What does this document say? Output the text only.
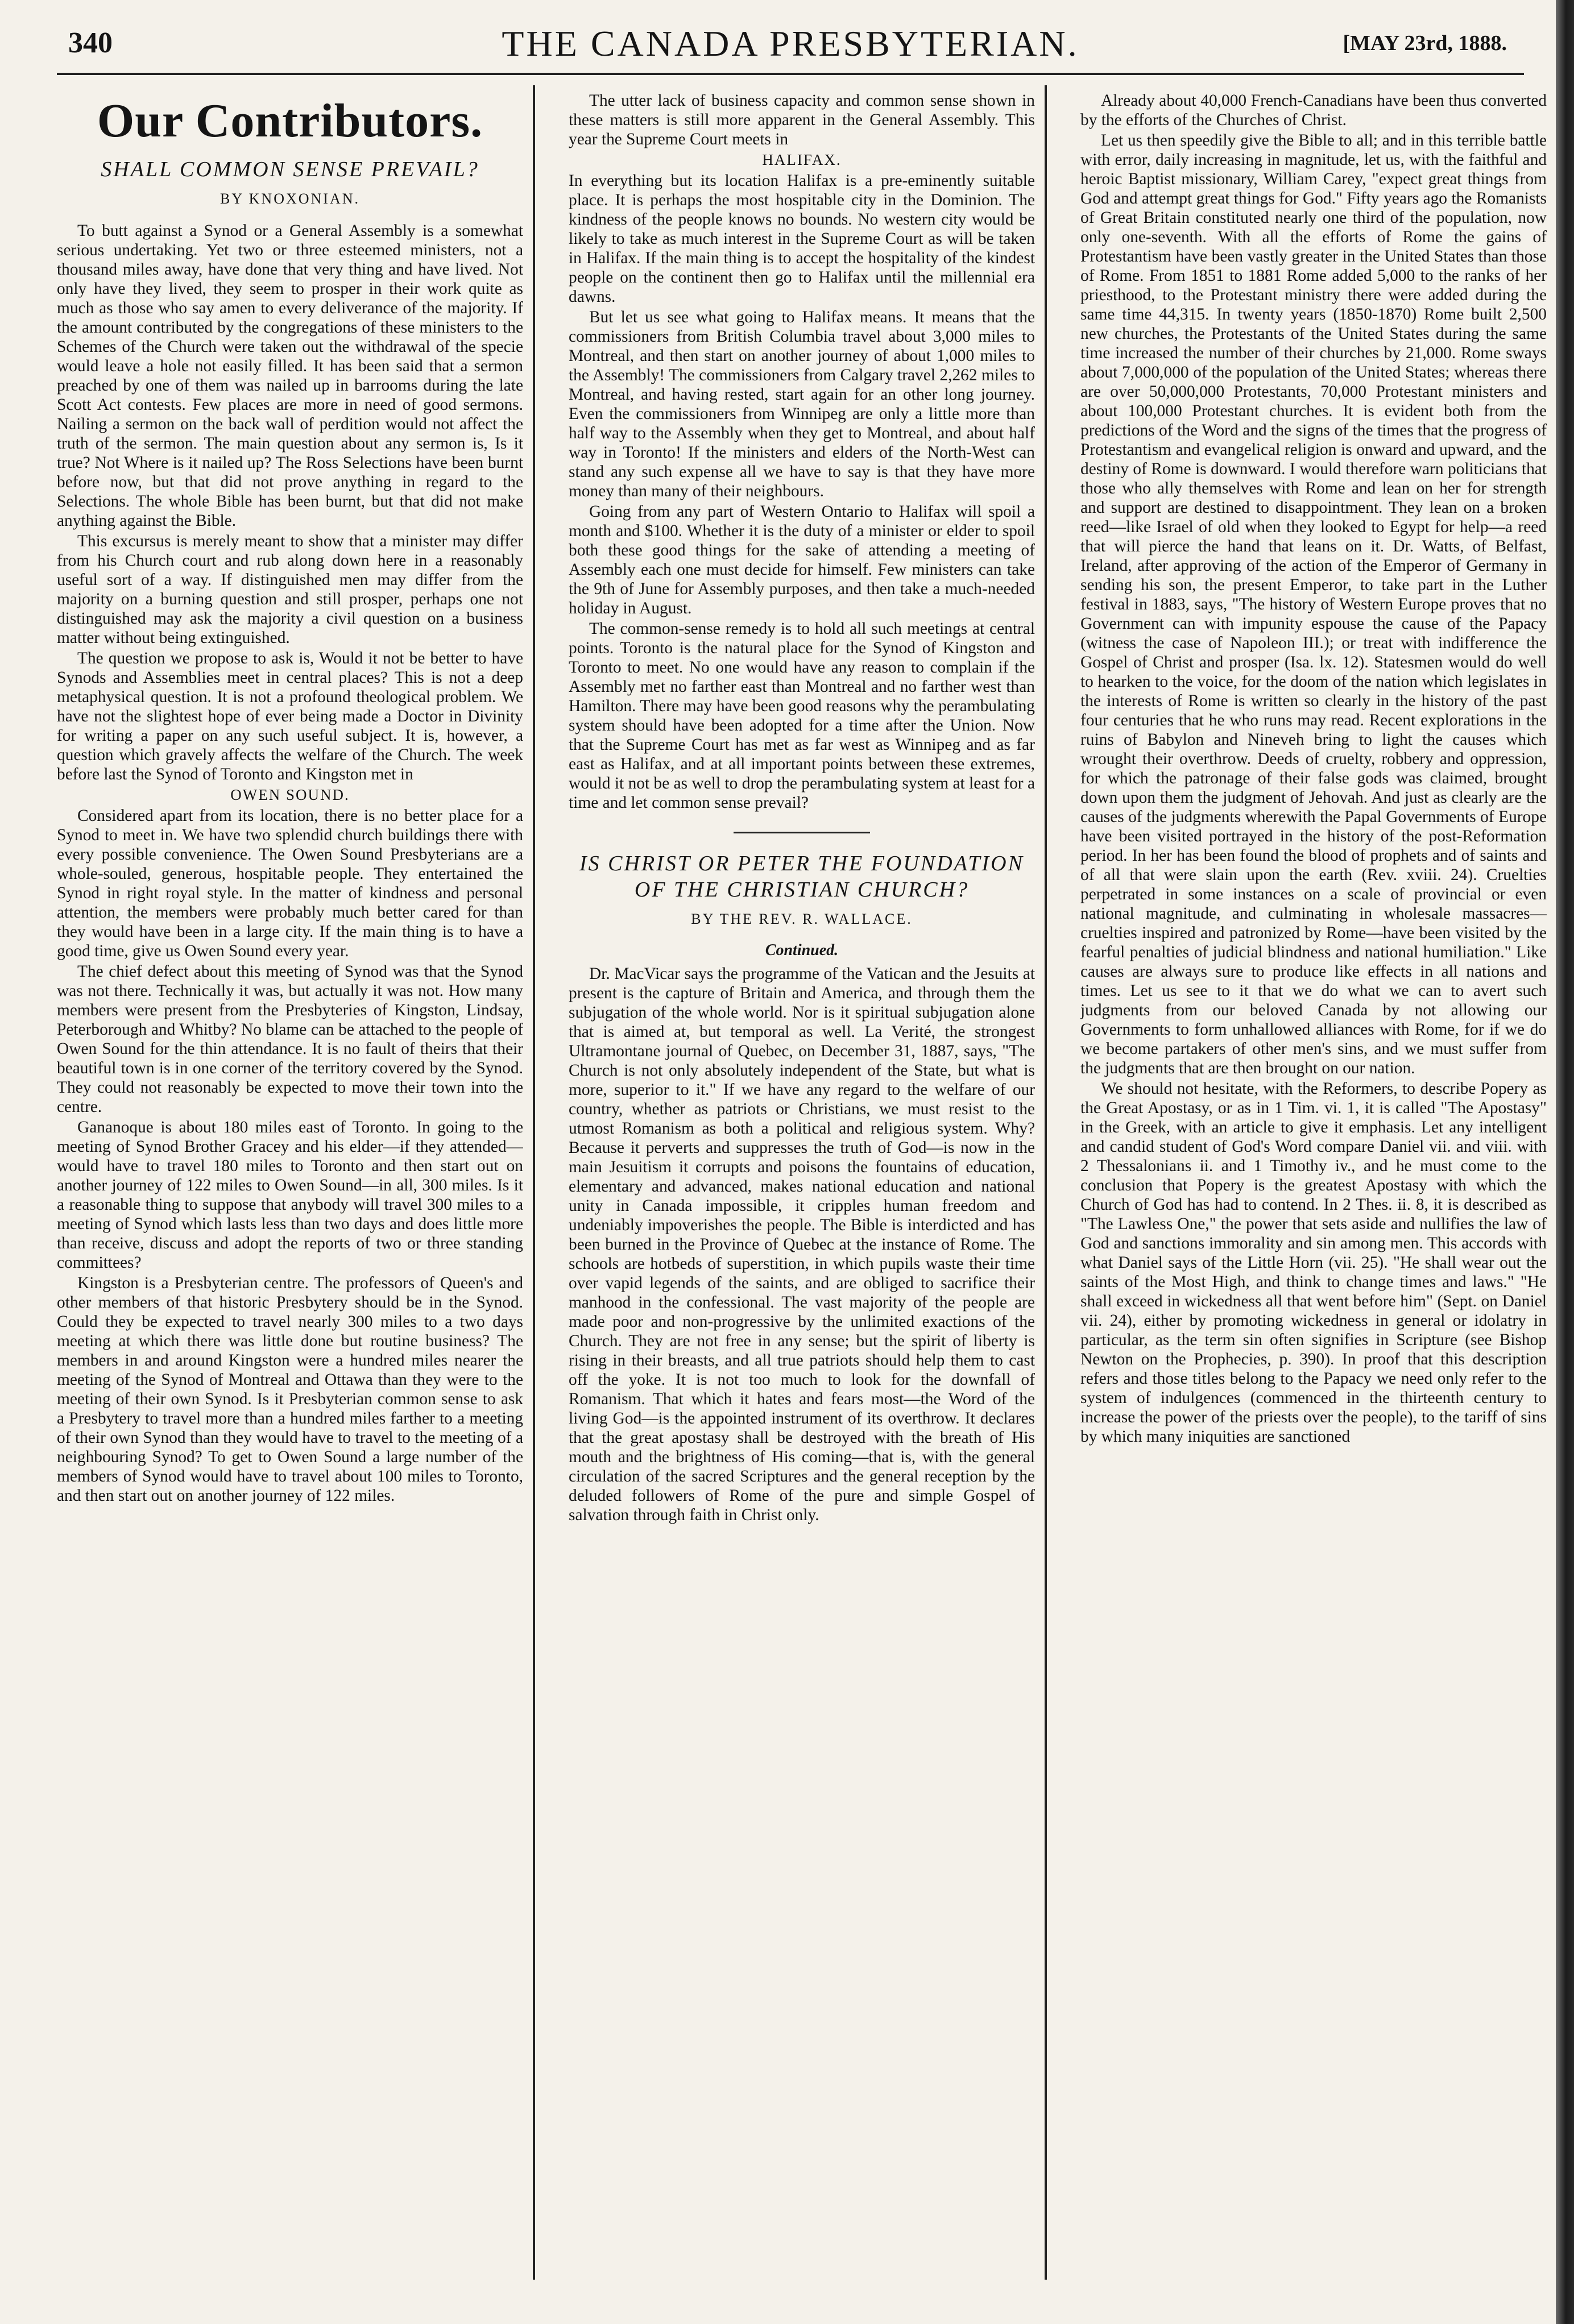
340	THE CANADA PRESBYTERIAN.	[MAY 23rd, 1888.
Our Contributors.
SHALL COMMON SENSE PREVAIL?
BY KNOXONIAN.

To butt against a Synod or a General Assembly is a somewhat serious undertaking. Yet two or three esteemed ministers, not a thousand miles away, have done that very thing and have lived. Not only have they lived, they seem to prosper in their work quite as much as those who say amen to every deliverance of the majority. If the amount contributed by the congregations of these ministers to the Schemes of the Church were taken out the withdrawal of the specie would leave a hole not easily filled. It has been said that a sermon preached by one of them was nailed up in barrooms during the late Scott Act contests. Few places are more in need of good sermons. Nailing a sermon on the back wall of perdition would not affect the truth of the sermon. The main question about any sermon is, Is it true? Not Where is it nailed up? The Ross Selections have been burnt before now, but that did not prove anything in regard to the Selections. The whole Bible has been burnt, but that did not make anything against the Bible.

This excursus is merely meant to show that a minister may differ from his Church court and rub along down here in a reasonably useful sort of a way. If distinguished men may differ from the majority on a burning question and still prosper, perhaps one not distinguished may ask the majority a civil question on a business matter without being extinguished.

The question we propose to ask is, Would it not be better to have Synods and Assemblies meet in central places? This is not a deep metaphysical question. It is not a profound theological problem. We have not the slightest hope of ever being made a Doctor in Divinity for writing a paper on any such useful subject. It is, however, a question which gravely affects the welfare of the Church. The week before last the Synod of Toronto and Kingston met in

OWEN SOUND.

Considered apart from its location, there is no better place for a Synod to meet in. We have two splendid church buildings there with every possible convenience. The Owen Sound Presbyterians are a whole-souled, generous, hospitable people. They entertained the Synod in right royal style. In the matter of kindness and personal attention, the members were probably much better cared for than they would have been in a large city. If the main thing is to have a good time, give us Owen Sound every year.

The chief defect about this meeting of Synod was that the Synod was not there. Technically it was, but actually it was not. How many members were present from the Presbyteries of Kingston, Lindsay, Peterborough and Whitby? No blame can be attached to the people of Owen Sound for the thin attendance. It is no fault of theirs that their beautiful town is in one corner of the territory covered by the Synod. They could not reasonably be expected to move their town into the centre.

Gananoque is about 180 miles east of Toronto. In going to the meeting of Synod Brother Gracey and his elder—if they attended—would have to travel 180 miles to Toronto and then start out on another journey of 122 miles to Owen Sound—in all, 300 miles. Is it a reasonable thing to suppose that anybody will travel 300 miles to a meeting of Synod which lasts less than two days and does little more than receive, discuss and adopt the reports of two or three standing committees?

Kingston is a Presbyterian centre. The professors of Queen's and other members of that historic Presbytery should be in the Synod. Could they be expected to travel nearly 300 miles to a two days meeting at which there was little done but routine business? The members in and around Kingston were a hundred miles nearer the meeting of the Synod of Montreal and Ottawa than they were to the meeting of their own Synod. Is it Presbyterian common sense to ask a Presbytery to travel more than a hundred miles farther to a meeting of their own Synod than they would have to travel to the meeting of a neighbouring Synod? To get to Owen Sound a large number of the members of Synod would have to travel about 100 miles to Toronto, and then start out on another journey of 122 miles.

The utter lack of business capacity and common sense shown in these matters is still more apparent in the General Assembly. This year the Supreme Court meets in

HALIFAX.

In everything but its location Halifax is a pre-eminently suitable place. It is perhaps the most hospitable city in the Dominion. The kindness of the people knows no bounds. No western city would be likely to take as much interest in the Supreme Court as will be taken in Halifax. If the main thing is to accept the hospitality of the kindest people on the continent then go to Halifax until the millennial era dawns.

But let us see what going to Halifax means. It means that the commissioners from British Columbia travel about 3,000 miles to Montreal, and then start on another journey of about 1,000 miles to the Assembly! The commissioners from Calgary travel 2,262 miles to Montreal, and having rested, start again for an other long journey. Even the commissioners from Winnipeg are only a little more than half way to the Assembly when they get to Montreal, and about half way in Toronto! If the ministers and elders of the North-West can stand any such expense all we have to say is that they have more money than many of their neighbours.

Going from any part of Western Ontario to Halifax will spoil a month and $100. Whether it is the duty of a minister or elder to spoil both these good things for the sake of attending a meeting of Assembly each one must decide for himself. Few ministers can take the 9th of June for Assembly purposes, and then take a much-needed holiday in August.

The common-sense remedy is to hold all such meetings at central points. Toronto is the natural place for the Synod of Kingston and Toronto to meet. No one would have any reason to complain if the Assembly met no farther east than Montreal and no farther west than Hamilton. There may have been good reasons why the perambulating system should have been adopted for a time after the Union. Now that the Supreme Court has met as far west as Winnipeg and as far east as Halifax, and at all important points between these extremes, would it not be as well to drop the perambulating system at least for a time and let common sense prevail?

IS CHRIST OR PETER THE FOUNDATION OF THE CHRISTIAN CHURCH?
BY THE REV. R. WALLACE.
Continued.

Dr. MacVicar says the programme of the Vatican and the Jesuits at present is the capture of Britain and America, and through them the subjugation of the whole world. Nor is it spiritual subjugation alone that is aimed at, but temporal as well. La Verité, the strongest Ultramontane journal of Quebec, on December 31, 1887, says, "The Church is not only absolutely independent of the State, but what is more, superior to it." If we have any regard to the welfare of our country, whether as patriots or Christians, we must resist to the utmost Romanism as both a political and religious system. Why? Because it perverts and suppresses the truth of God—is now in the main Jesuitism it corrupts and poisons the fountains of education, elementary and advanced, makes national education and national unity in Canada impossible, it cripples human freedom and undeniably impoverishes the people. The Bible is interdicted and has been burned in the Province of Quebec at the instance of Rome. The schools are hotbeds of superstition, in which pupils waste their time over vapid legends of the saints, and are obliged to sacrifice their manhood in the confessional. The vast majority of the people are made poor and non-progressive by the unlimited exactions of the Church. They are not free in any sense; but the spirit of liberty is rising in their breasts, and all true patriots should help them to cast off the yoke. It is not too much to look for the downfall of Romanism. That which it hates and fears most—the Word of the living God—is the appointed instrument of its overthrow. It declares that the great apostasy shall be destroyed with the breath of His mouth and the brightness of His coming—that is, with the general circulation of the sacred Scriptures and the general reception by the deluded followers of Rome of the pure and simple Gospel of salvation through faith in Christ only.

Already about 40,000 French-Canadians have been thus converted by the efforts of the Churches of Christ.

Let us then speedily give the Bible to all; and in this terrible battle with error, daily increasing in magnitude, let us, with the faithful and heroic Baptist missionary, William Carey, "expect great things from God and attempt great things for God." Fifty years ago the Romanists of Great Britain constituted nearly one third of the population, now only one-seventh. With all the efforts of Rome the gains of Protestantism have been vastly greater in the United States than those of Rome. From 1851 to 1881 Rome added 5,000 to the ranks of her priesthood, to the Protestant ministry there were added during the same time 44,315. In twenty years (1850-1870) Rome built 2,500 new churches, the Protestants of the United States during the same time increased the number of their churches by 21,000. Rome sways about 7,000,000 of the population of the United States; whereas there are over 50,000,000 Protestants, 70,000 Protestant ministers and about 100,000 Protestant churches. It is evident both from the predictions of the Word and the signs of the times that the progress of Protestantism and evangelical religion is onward and upward, and the destiny of Rome is downward. I would therefore warn politicians that those who ally themselves with Rome and lean on her for strength and support are destined to disappointment. They lean on a broken reed—like Israel of old when they looked to Egypt for help—a reed that will pierce the hand that leans on it. Dr. Watts, of Belfast, Ireland, after approving of the action of the Emperor of Germany in sending his son, the present Emperor, to take part in the Luther festival in 1883, says, "The history of Western Europe proves that no Government can with impunity espouse the cause of the Papacy (witness the case of Napoleon III.); or treat with indifference the Gospel of Christ and prosper (Isa. lx. 12). Statesmen would do well to hearken to the voice, for the doom of the nation which legislates in the interests of Rome is written so clearly in the history of the past four centuries that he who runs may read. Recent explorations in the ruins of Babylon and Nineveh bring to light the causes which wrought their overthrow. Deeds of cruelty, robbery and oppression, for which the patronage of their false gods was claimed, brought down upon them the judgment of Jehovah. And just as clearly are the causes of the judgments wherewith the Papal Governments of Europe have been visited portrayed in the history of the post-Reformation period. In her has been found the blood of prophets and of saints and of all that were slain upon the earth (Rev. xviii. 24). Cruelties perpetrated in some instances on a scale of provincial or even national magnitude, and culminating in wholesale massacres—cruelties inspired and patronized by Rome—have been visited by the fearful penalties of judicial blindness and national humiliation." Like causes are always sure to produce like effects in all nations and times. Let us see to it that we do what we can to avert such judgments from our beloved Canada by not allowing our Governments to form unhallowed alliances with Rome, for if we do we become partakers of other men's sins, and we must suffer from the judgments that are then brought on our nation.

We should not hesitate, with the Reformers, to describe Popery as the Great Apostasy, or as in 1 Tim. vi. 1, it is called "The Apostasy" in the Greek, with an article to give it emphasis. Let any intelligent and candid student of God's Word compare Daniel vii. and viii. with 2 Thessalonians ii. and 1 Timothy iv., and he must come to the conclusion that Popery is the greatest Apostasy with which the Church of God has had to contend. In 2 Thes. ii. 8, it is described as "The Lawless One," the power that sets aside and nullifies the law of God and sanctions immorality and sin among men. This accords with what Daniel says of the Little Horn (vii. 25). "He shall wear out the saints of the Most High, and think to change times and laws." "He shall exceed in wickedness all that went before him" (Sept. on Daniel vii. 24), either by promoting wickedness in general or idolatry in particular, as the term sin often signifies in Scripture (see Bishop Newton on the Prophecies, p. 390). In proof that this description refers and those titles belong to the Papacy we need only refer to the system of indulgences (commenced in the thirteenth century to increase the power of the priests over the people), to the tariff of sins by which many iniquities are sanctioned
